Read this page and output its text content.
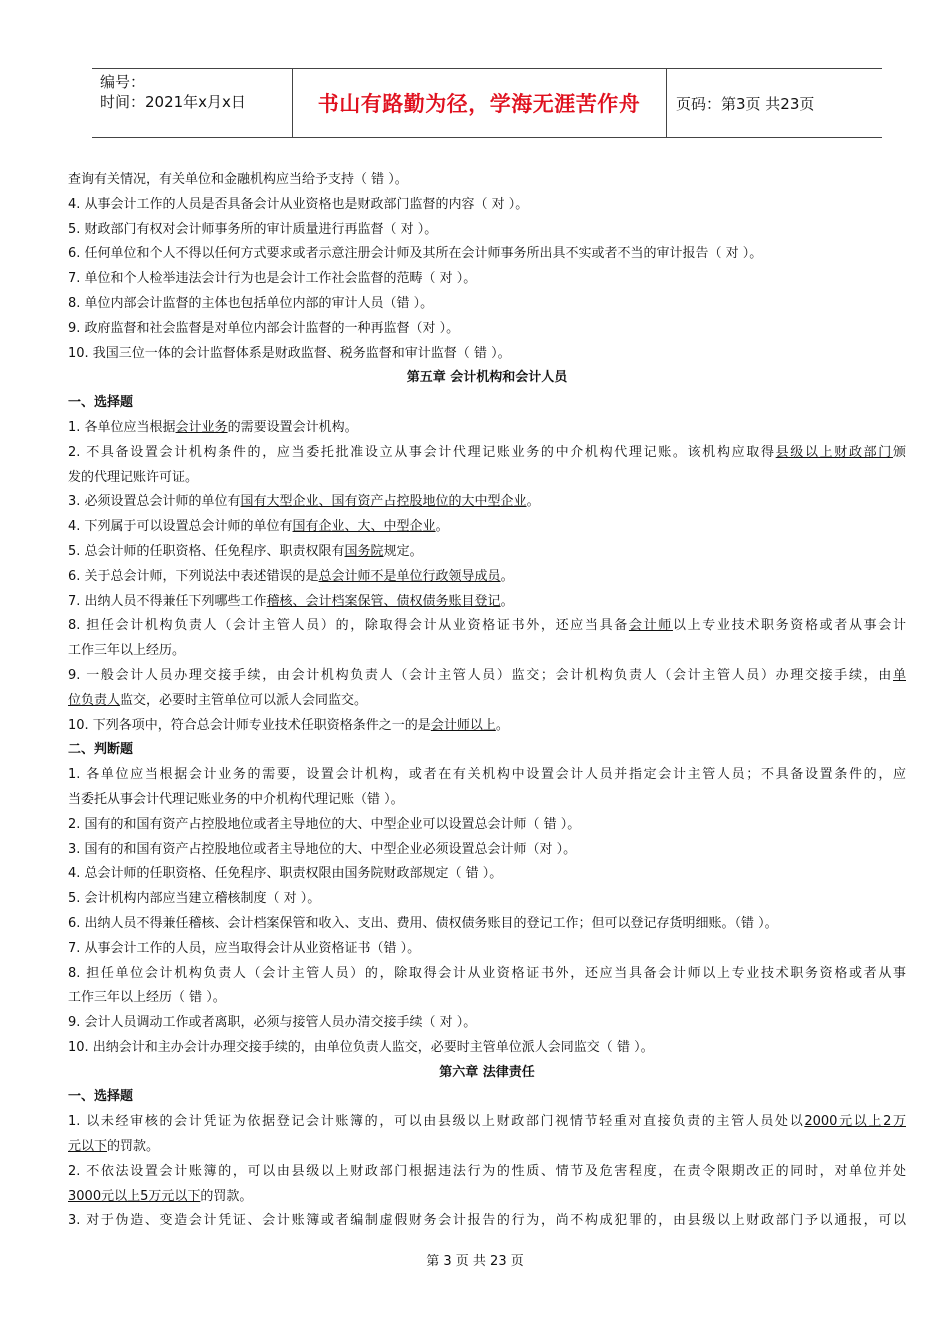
编号：
时间：2021年x月x日	书山有路勤为径，学海无涯苦作舟	页码：第3页 共23页
查询有关情况，有关单位和金融机构应当给予支持（ 错 ）。
4. 从事会计工作的人员是否具备会计从业资格也是财政部门监督的内容（ 对 ）。
5. 财政部门有权对会计师事务所的审计质量进行再监督（ 对 ）。
6. 任何单位和个人不得以任何方式要求或者示意注册会计师及其所在会计师事务所出具不实或者不当的审计报告（ 对 ）。
7. 单位和个人检举违法会计行为也是会计工作社会监督的范畴（ 对 ）。
8. 单位内部会计监督的主体也包括单位内部的审计人员（错 ）。
9. 政府监督和社会监督是对单位内部会计监督的一种再监督（对 ）。
10. 我国三位一体的会计监督体系是财政监督、税务监督和审计监督（ 错 ）。
第五章 会计机构和会计人员
一、选择题
1. 各单位应当根据会计业务的需要设置会计机构。
2. 不具备设置会计机构条件的，应当委托批准设立从事会计代理记账业务的中介机构代理记账。该机构应取得县级以上财政部门颁
发的代理记账许可证。
3. 必须设置总会计师的单位有国有大型企业、国有资产占控股地位的大中型企业。
4. 下列属于可以设置总会计师的单位有国有企业、大、中型企业。
5. 总会计师的任职资格、任免程序、职责权限有国务院规定。
6. 关于总会计师，下列说法中表述错误的是总会计师不是单位行政领导成员。
7. 出纳人员不得兼任下列哪些工作稽核、会计档案保管、债权债务账目登记。
8. 担任会计机构负责人（会计主管人员）的，除取得会计从业资格证书外，还应当具备会计师以上专业技术职务资格或者从事会计
工作三年以上经历。
9. 一般会计人员办理交接手续，由会计机构负责人（会计主管人员）监交；会计机构负责人（会计主管人员）办理交接手续，由单
位负责人监交，必要时主管单位可以派人会同监交。
10. 下列各项中，符合总会计师专业技术任职资格条件之一的是会计师以上。
二、判断题
1. 各单位应当根据会计业务的需要，设置会计机构，或者在有关机构中设置会计人员并指定会计主管人员；不具备设置条件的，应
当委托从事会计代理记账业务的中介机构代理记账（错 ）。
2. 国有的和国有资产占控股地位或者主导地位的大、中型企业可以设置总会计师（ 错 ）。
3. 国有的和国有资产占控股地位或者主导地位的大、中型企业必须设置总会计师（对 ）。
4. 总会计师的任职资格、任免程序、职责权限由国务院财政部规定（ 错 ）。
5. 会计机构内部应当建立稽核制度（ 对 ）。
6. 出纳人员不得兼任稽核、会计档案保管和收入、支出、费用、债权债务账目的登记工作；但可以登记存货明细账。（错 ）。
7. 从事会计工作的人员，应当取得会计从业资格证书（错 ）。
8. 担任单位会计机构负责人（会计主管人员）的，除取得会计从业资格证书外，还应当具备会计师以上专业技术职务资格或者从事
工作三年以上经历（ 错 ）。
9. 会计人员调动工作或者离职，必须与接管人员办清交接手续（ 对 ）。
10. 出纳会计和主办会计办理交接手续的，由单位负责人监交，必要时主管单位派人会同监交（ 错 ）。
第六章 法律责任
一、选择题
1. 以未经审核的会计凭证为依据登记会计账簿的，可以由县级以上财政部门视情节轻重对直接负责的主管人员处以2000元以上2万
元以下的罚款。
2. 不依法设置会计账簿的，可以由县级以上财政部门根据违法行为的性质、情节及危害程度，在责令限期改正的同时，对单位并处
3000元以上5万元以下的罚款。
3. 对于伪造、变造会计凭证、会计账簿或者编制虚假财务会计报告的行为，尚不构成犯罪的，由县级以上财政部门予以通报，可以
第 3 页 共 23 页
